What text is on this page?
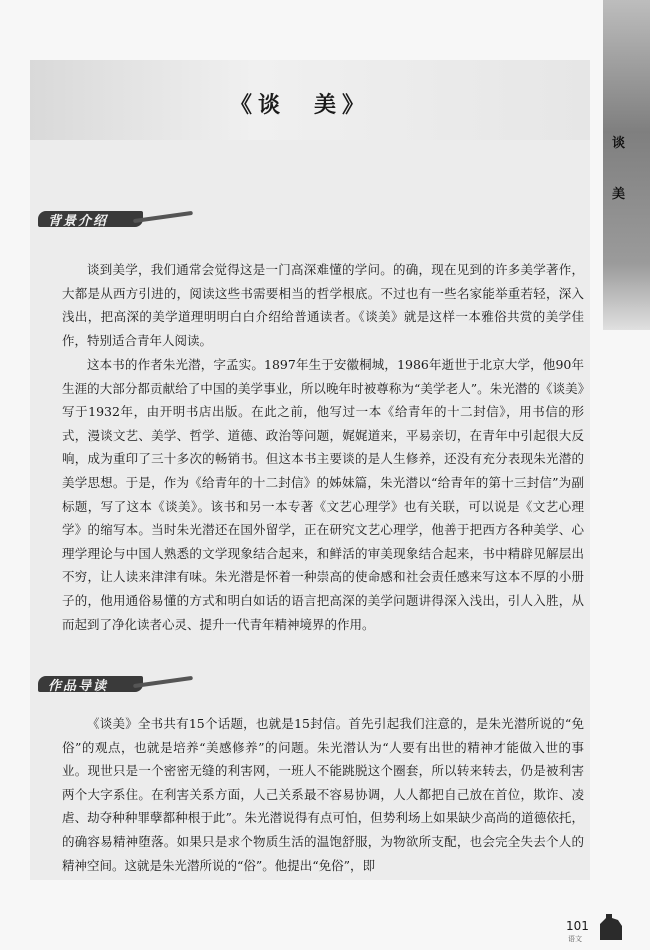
谈
美
《谈　美》
背景介绍

谈到美学，我们通常会觉得这是一门高深难懂的学问。的确，现在见到的许多美学著作，大都是从西方引进的，阅读这些书需要相当的哲学根底。不过也有一些名家能举重若轻，深入浅出，把高深的美学道理明明白白介绍给普通读者。《谈美》就是这样一本雅俗共赏的美学佳作，特别适合青年人阅读。

这本书的作者朱光潜，字孟实。1897年生于安徽桐城，1986年逝世于北京大学，他90年生涯的大部分都贡献给了中国的美学事业，所以晚年时被尊称为“美学老人”。朱光潜的《谈美》写于1932年，由开明书店出版。在此之前，他写过一本《给青年的十二封信》，用书信的形式，漫谈文艺、美学、哲学、道德、政治等问题，娓娓道来，平易亲切，在青年中引起很大反响，成为重印了三十多次的畅销书。但这本书主要谈的是人生修养，还没有充分表现朱光潜的美学思想。于是，作为《给青年的十二封信》的姊妹篇，朱光潜以“给青年的第十三封信”为副标题，写了这本《谈美》。该书和另一本专著《文艺心理学》也有关联，可以说是《文艺心理学》的缩写本。当时朱光潜还在国外留学，正在研究文艺心理学，他善于把西方各种美学、心理学理论与中国人熟悉的文学现象结合起来，和鲜活的审美现象结合起来，书中精辟见解层出不穷，让人读来津津有味。朱光潜是怀着一种崇高的使命感和社会责任感来写这本不厚的小册子的，他用通俗易懂的方式和明白如话的语言把高深的美学问题讲得深入浅出，引人入胜，从而起到了净化读者心灵、提升一代青年精神境界的作用。

作品导读

《谈美》全书共有15个话题，也就是15封信。首先引起我们注意的，是朱光潜所说的“免俗”的观点，也就是培养“美感修养”的问题。朱光潜认为“人要有出世的精神才能做入世的事业。现世只是一个密密无缝的利害网，一班人不能跳脱这个圈套，所以转来转去，仍是被利害两个大字系住。在利害关系方面，人己关系最不容易协调，人人都把自己放在首位，欺诈、凌虐、劫夺种种罪孽都种根于此”。朱光潜说得有点可怕，但势利场上如果缺少高尚的道德依托，的确容易精神堕落。如果只是求个物质生活的温饱舒服，为物欲所支配，也会完全失去个人的精神空间。这就是朱光潜所说的“俗”。他提出“免俗”，即

101
语文
